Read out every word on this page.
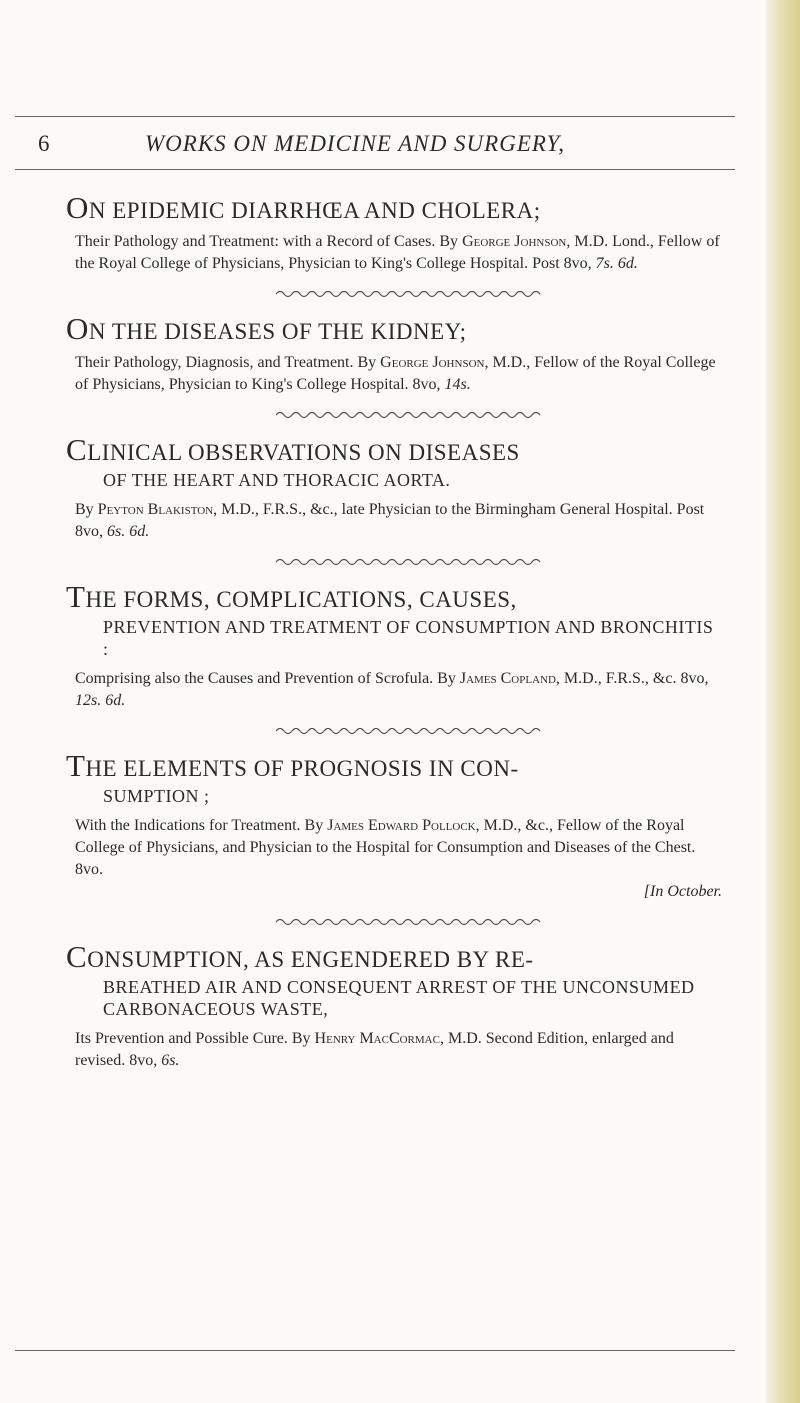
6	WORKS ON MEDICINE AND SURGERY,

ON EPIDEMIC DIARRHŒA AND CHOLERA;

Their Pathology and Treatment: with a Record of Cases. By George Johnson, M.D. Lond., Fellow of the Royal College of Physicians, Physician to King's College Hospital. Post 8vo, 7s. 6d.

ON THE DISEASES OF THE KIDNEY;

Their Pathology, Diagnosis, and Treatment. By George Johnson, M.D., Fellow of the Royal College of Physicians, Physician to King's College Hospital. 8vo, 14s.

CLINICAL OBSERVATIONS ON DISEASES

OF THE HEART AND THORACIC AORTA.

By Peyton Blakiston, M.D., F.R.S., &c., late Physician to the Birmingham General Hospital. Post 8vo, 6s. 6d.

THE FORMS, COMPLICATIONS, CAUSES,

PREVENTION AND TREATMENT OF CONSUMPTION AND BRONCHITIS :

Comprising also the Causes and Prevention of Scrofula. By James Copland, M.D., F.R.S., &c. 8vo, 12s. 6d.

THE ELEMENTS OF PROGNOSIS IN CON-

SUMPTION ;

With the Indications for Treatment. By James Edward Pollock, M.D., &c., Fellow of the Royal College of Physicians, and Physician to the Hospital for Consumption and Diseases of the Chest. 8vo.
[In October.

CONSUMPTION, AS ENGENDERED BY RE-

BREATHED AIR AND CONSEQUENT ARREST OF THE UNCONSUMED CARBONACEOUS WASTE,

Its Prevention and Possible Cure. By Henry MacCormac, M.D. Second Edition, enlarged and revised. 8vo, 6s.
